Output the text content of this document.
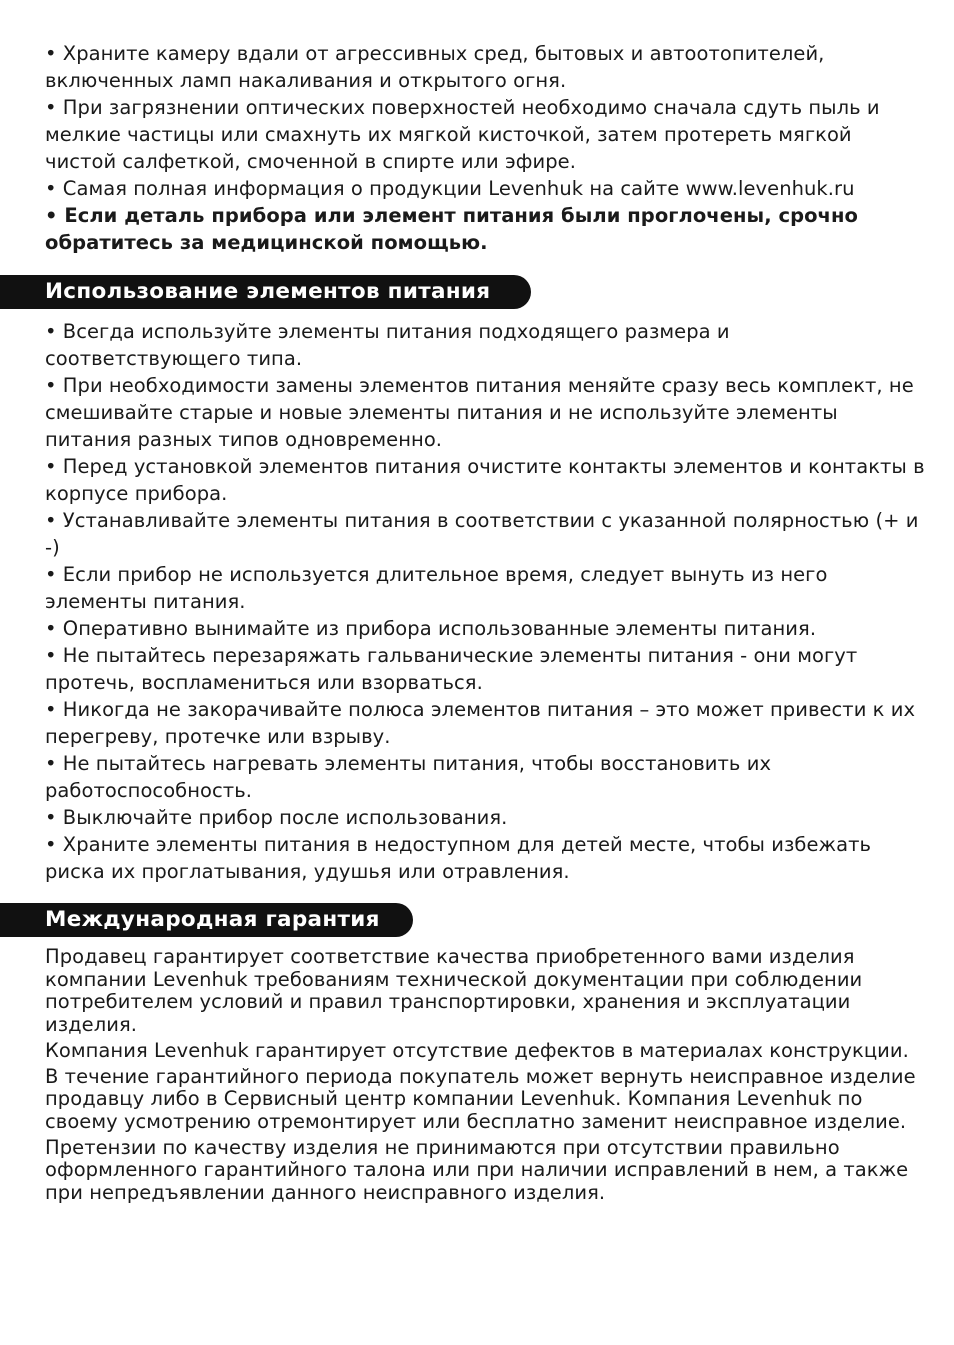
• Храните камеру вдали от агрессивных сред, бытовых и автоотопителей, включенных ламп накаливания и открытого огня.

• При загрязнении оптических поверхностей необходимо сначала сдуть пыль и мелкие частицы или смахнуть их мягкой кисточкой, затем протереть мягкой чистой салфеткой, смоченной в спирте или эфире.

• Самая полная информация о продукции Levenhuk на сайте www.levenhuk.ru

• Если деталь прибора или элемент питания были проглочены, срочно обратитесь за медицинской помощью.

Использование элементов питания

• Всегда используйте элементы питания подходящего размера и соответствующего типа.

• При необходимости замены элементов питания меняйте сразу весь комплект, не смешивайте старые и новые элементы питания и не используйте элементы питания разных типов одновременно.

• Перед установкой элементов питания очистите контакты элементов и контакты в корпусе прибора.

• Устанавливайте элементы питания в соответствии с указанной полярностью (+ и -)

• Если прибор не используется длительное время, следует вынуть из него элементы питания.

• Оперативно вынимайте из прибора использованные элементы питания.

• Не пытайтесь перезаряжать гальванические элементы питания - они могут протечь, воспламениться или взорваться.

• Никогда не закорачивайте полюса элементов питания – это может привести к их перегреву, протечке или взрыву.

• Не пытайтесь нагревать элементы питания, чтобы восстановить их работоспособность.

• Выключайте прибор после использования.

• Храните элементы питания в недоступном для детей месте, чтобы избежать риска их проглатывания, удушья или отравления.

Международная гарантия

Продавец гарантирует соответствие качества приобретенного вами изделия компании Levenhuk требованиям технической документации при соблюдении потребителем условий и правил транспортировки, хранения и эксплуатации изделия.

Компания Levenhuk гарантирует отсутствие дефектов в материалах конструкции.

В течение гарантийного периода покупатель может вернуть неисправное изделие продавцу либо в Сервисный центр компании Levenhuk. Компания Levenhuk по своему усмотрению отремонтирует или бесплатно заменит неисправное изделие.

Претензии по качеству изделия не принимаются при отсутствии правильно оформленного гарантийного талона или при наличии исправлений в нем, а также при непредъявлении данного неисправного изделия.
